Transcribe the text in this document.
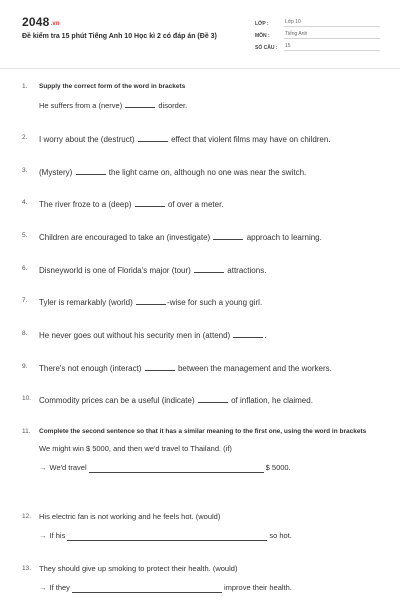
2048.vn
Đề kiểm tra 15 phút Tiếng Anh 10 Học kì 2 có đáp án (Đề 3)
LỚP :	Lớp 10
MÔN :	Tiếng Anh
SỐ CÂU :	15
1.	Supply the correct form of the word in brackets
He suffers from a (nerve)	disorder.
2.	I worry about the (destruct)	effect that violent films may have on children.
3.	(Mystery)	the light came on, although no one was near the switch.
4.	The river froze to a (deep)	of over a meter.
5.	Children are encouraged to take an (investigate)	approach to learning.
6.	Disneyworld is one of Florida's major (tour)	attractions.
7.	Tyler is remarkably (world)	-wise for such a young girl.
8.	He never goes out without his security men in (attend)	.
9.	There's not enough (interact)	between the management and the workers.
10. Commodity prices can be a useful (indicate)	of inflation, he claimed.
11.	Complete the second sentence so that it has a similar meaning to the first one, using the word in brackets
We might win $ 5000, and then we'd travel to Thailand. (if)
→ We'd travel	$ 5000.
12.	His electric fan is not working and he feels hot. (would)
→ If his	so hot.
13.	They should give up smoking to protect their health. (would)
→ If they	improve their health.
